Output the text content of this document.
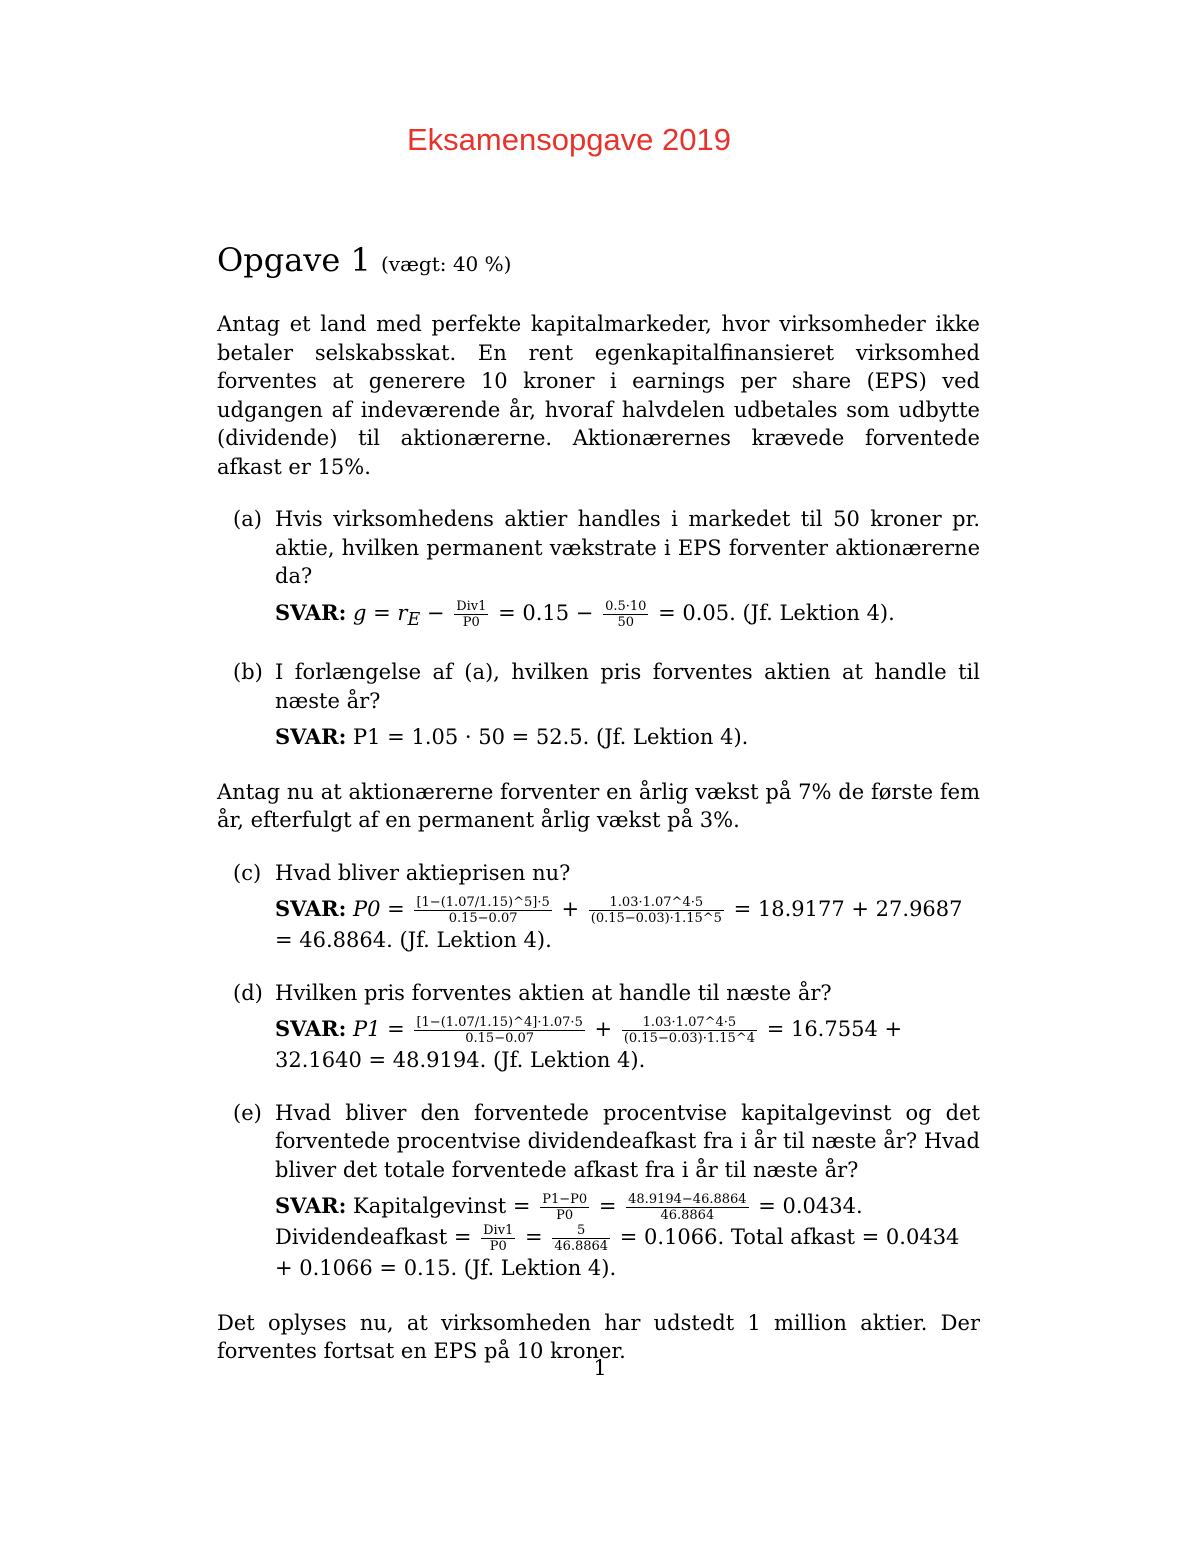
Eksamensopgave 2019
Opgave 1 (vægt: 40 %)

Antag et land med perfekte kapitalmarkeder, hvor virksomheder ikke betaler selskabsskat. En rent egenkapitalfinansieret virksomhed forventes at generere 10 kroner i earnings per share (EPS) ved udgangen af indeværende år, hvoraf halvdelen udbetales som udbytte (dividende) til aktionærerne. Aktionærernes krævede forventede afkast er 15%.

(a) Hvis virksomhedens aktier handles i markedet til 50 kroner pr. aktie, hvilken permanent vækstrate i EPS forventer aktionærerne da?

SVAR: $g = r_E - \frac{\text{Div1}}{P0} = 0.15 - \frac{0.5\cdot 10}{50} = 0.05$. (Jf. Lektion 4).
(b) I forlængelse af (a), hvilken pris forventes aktien at handle til næste år?

SVAR: P1 = 1.05 · 50 = 52.5. (Jf. Lektion 4).

Antag nu at aktionærerne forventer en årlig vækst på 7% de første fem år, efterfulgt af en permanent årlig vækst på 3%.

(c) Hvad bliver aktieprisen nu?

SVAR: $P0 = \frac{[1-(1.07/1.15)\^{}5]\cdot 5}{0.15-0.07} + \frac{1.03\cdot 1.07\^{}4\cdot 5}{(0.15-0.03)\cdot 1.15\^{}5} = 18.9177 + 27.9687 = 46.8864$. (Jf. Lektion 4).
(d) Hvilken pris forventes aktien at handle til næste år?

SVAR: $P1 = \frac{[1-(1.07/1.15)\^{}4]\cdot 1.07\cdot 5}{0.15-0.07} + \frac{1.03\cdot 1.07\^{}4\cdot 5}{(0.15-0.03)\cdot 1.15\^{}4} = 16.7554 + 32.1640 = 48.9194$. (Jf. Lektion 4).
(e) Hvad bliver den forventede procentvise kapitalgevinst og det forventede procentvise dividendeafkast fra i år til næste år? Hvad bliver det totale forventede afkast fra i år til næste år?

SVAR: Kapitalgevinst = $\frac{P1-P0}{P0} = \frac{48.9194-46.8864}{46.8864} = 0.0434$. Dividendeafkast = $\frac{\text{Div1}}{P0} = \frac{5}{46.8864} = 0.1066$. Total afkast = 0.0434 + 0.1066 = 0.15. (Jf. Lektion 4).

Det oplyses nu, at virksomheden har udstedt 1 million aktier. Der forventes fortsat en EPS på 10 kroner.

1
